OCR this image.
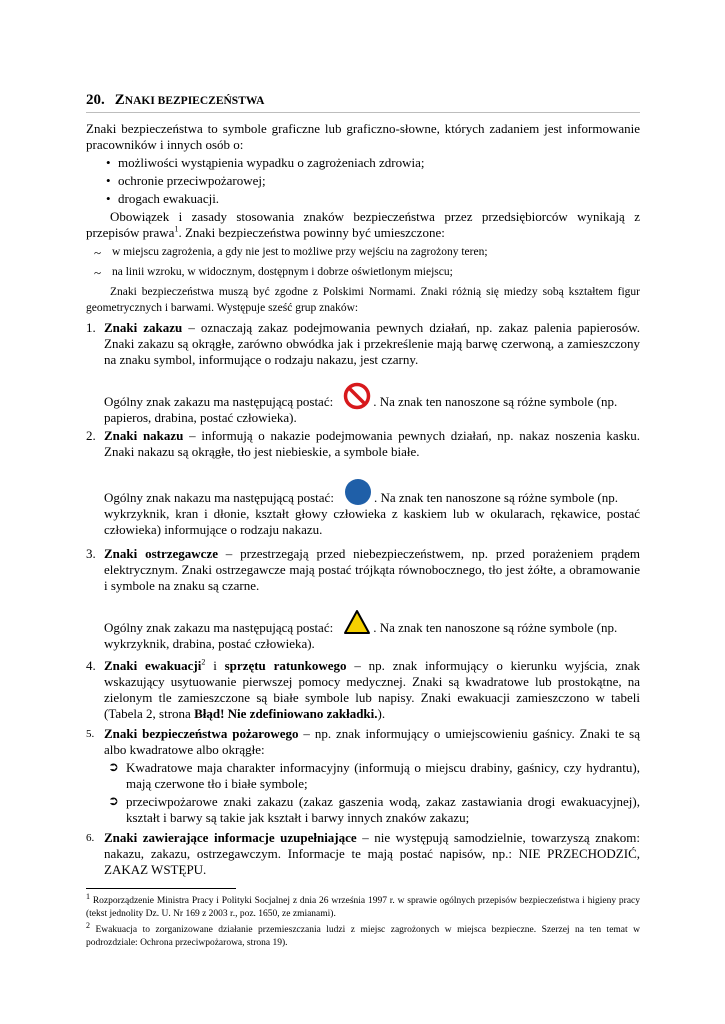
20. Z NAKI BEZPIECZEŃSTWA

Znaki bezpieczeństwa to symbole graficzne lub graficzno-słowne, których zadaniem jest informowanie pracowników i innych osób o:

• możliwości wystąpienia wypadku o zagrożeniach zdrowia;
• ochronie przeciwpożarowej;
• drogach ewakuacji.

Obowiązek i zasady stosowania znaków bezpieczeństwa przez przedsiębiorców wynikają z przepisów prawa$^1$. Znaki bezpieczeństwa powinny być umieszczone:

~ w miejscu zagrożenia, a gdy nie jest to możliwe przy wejściu na zagrożony teren;
~ na linii wzroku, w widocznym, dostępnym i dobrze oświetlonym miejscu;

Znaki bezpieczeństwa muszą być zgodne z Polskimi Normami. Znaki różnią się miedzy sobą kształtem figur geometrycznych i barwami. Występuje sześć grup znaków:

1. Znaki zakazu – oznaczają zakaz podejmowania pewnych działań, np. zakaz palenia papierosów. Znaki zakazu są okrągłe, zarówno obwódka jak i przekreślenie mają barwę czerwoną, a zamieszczony na znaku symbol, informujące o rodzaju nakazu, jest czarny.

Ogólny znak zakazu ma następującą postać:	. Na znak ten nanoszone są różne symbole (np.

papieros, drabina, postać człowieka).

2. Znaki nakazu – informują o nakazie podejmowania pewnych działań, np. nakaz noszenia kasku. Znaki nakazu są okrągłe, tło jest niebieskie, a symbole białe.

Ogólny znak nakazu ma następującą postać:	. Na znak ten nanoszone są różne symbole (np.

wykrzyknik, kran i dłonie, kształt głowy człowieka z kaskiem lub w okularach, rękawice, postać człowieka) informujące o rodzaju nakazu.

3. Znaki ostrzegawcze – przestrzegają przed niebezpieczeństwem, np. przed porażeniem prądem elektrycznym. Znaki ostrzegawcze mają postać trójkąta równobocznego, tło jest żółte, a obramowanie i symbole na znaku są czarne.

Ogólny znak zakazu ma następującą postać:	. Na znak ten nanoszone są różne symbole (np.

wykrzyknik, drabina, postać człowieka).

4. Znaki ewakuacji$^2$ i sprzętu ratunkowego – np. znak informujący o kierunku wyjścia, znak wskazujący usytuowanie pierwszej pomocy medycznej. Znaki są kwadratowe lub prostokątne, na zielonym tle zamieszczone są białe symbole lub napisy. Znaki ewakuacji zamieszczono w tabeli (Tabela 2, strona Błąd! Nie zdefiniowano zakładki.).

5. Znaki bezpieczeństwa pożarowego – np. znak informujący o umiejscowieniu gaśnicy. Znaki te są albo kwadratowe albo okrągłe:

➲ Kwadratowe maja charakter informacyjny (informują o miejscu drabiny, gaśnicy, czy hydrantu), mają czerwone tło i białe symbole;
➲ przeciwpożarowe znaki zakazu (zakaz gaszenia wodą, zakaz zastawiania drogi ewakuacyjnej), kształt i barwy są takie jak kształt i barwy innych znaków zakazu;
6. Znaki zawierające informacje uzupełniające – nie występują samodzielnie, towarzyszą znakom: nakazu, zakazu, ostrzegawczym. Informacje te mają postać napisów, np.: NIE PRZECHODZIĆ, ZAKAZ WSTĘPU.

$^1$ Rozporządzenie Ministra Pracy i Polityki Socjalnej z dnia 26 września 1997 r. w sprawie ogólnych przepisów bezpieczeństwa i higieny pracy (tekst jednolity Dz. U. Nr 169 z 2003 r., poz. 1650, ze zmianami).
$^2$ Ewakuacja to zorganizowane działanie przemieszczania ludzi z miejsc zagrożonych w miejsca bezpieczne. Szerzej na ten temat w podrozdziale: Ochrona przeciwpożarowa, strona 19).
